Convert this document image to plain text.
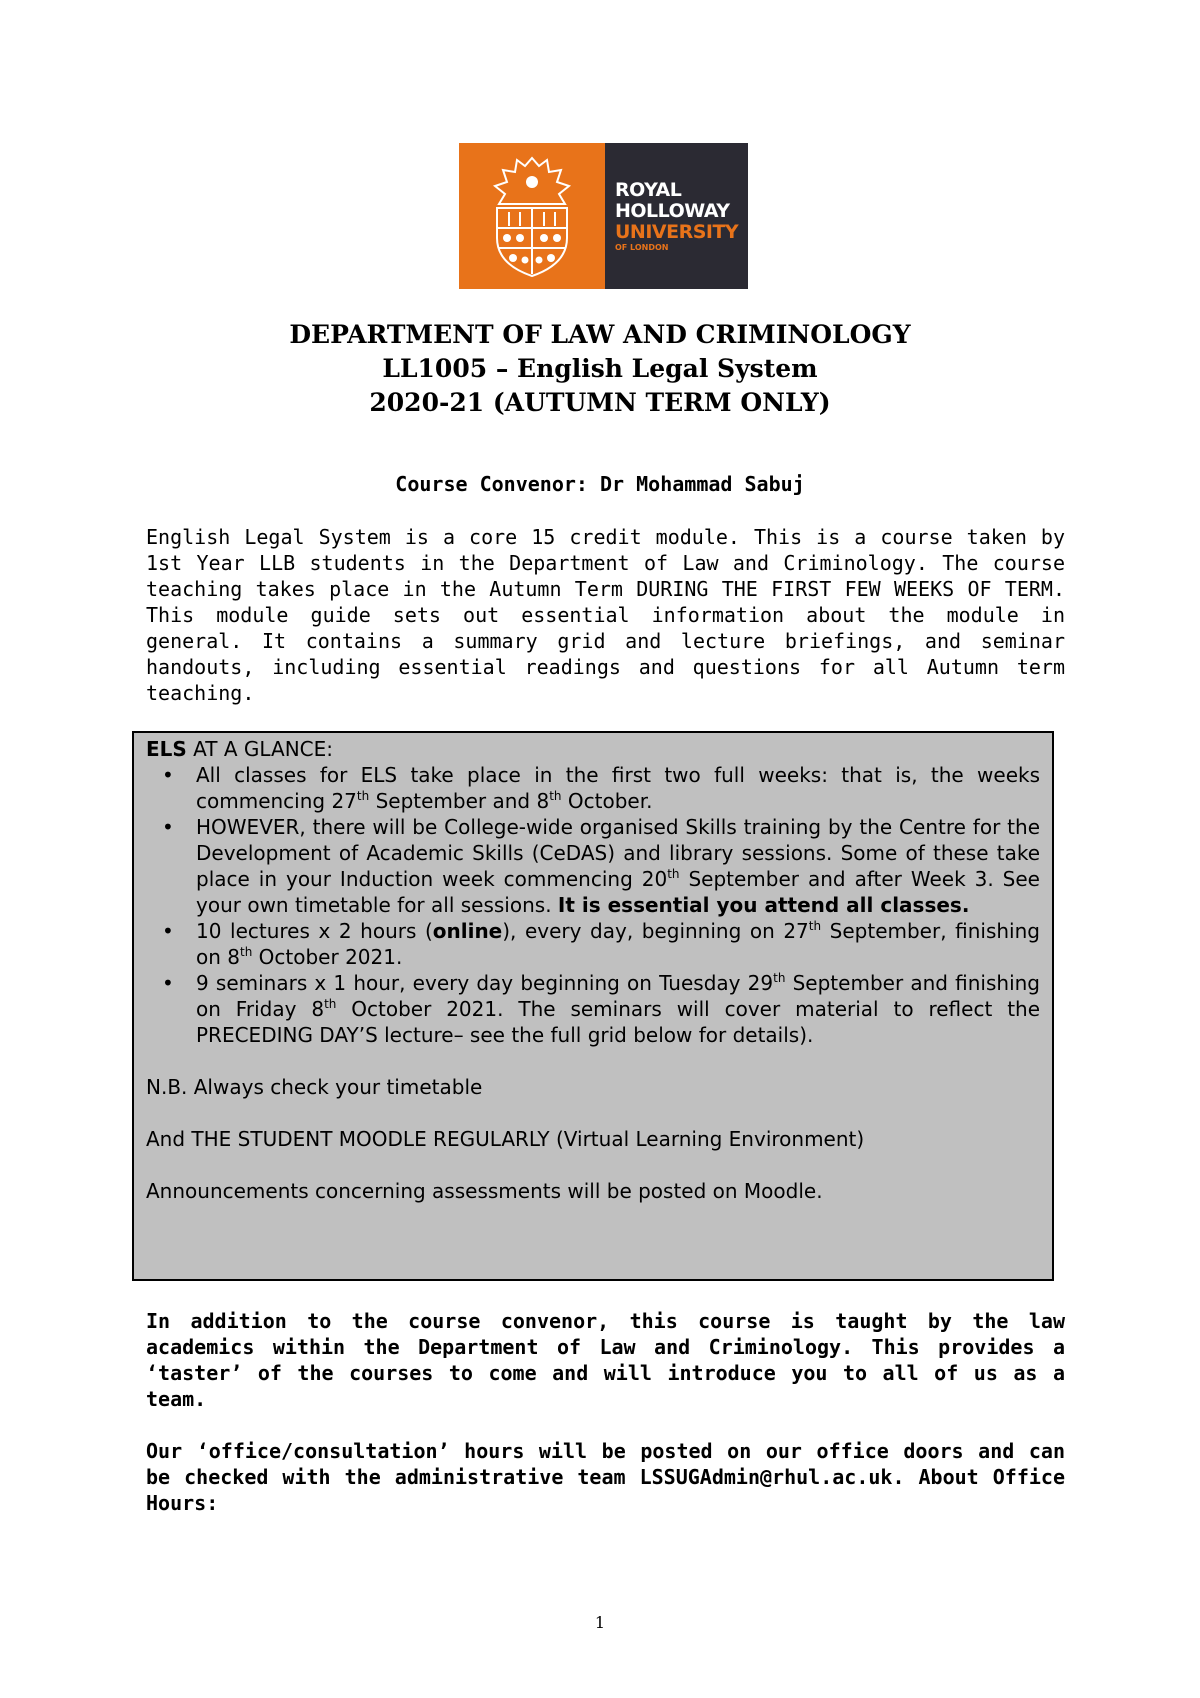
ROYAL
HOLLOWAY
UNIVERSITY
OF LONDON
DEPARTMENT OF LAW AND CRIMINOLOGY
LL1005 – English Legal System
2020-21 (AUTUMN TERM ONLY)
Course Convenor: Dr Mohammad Sabuj

English Legal System is a core 15 credit module. This is a course taken by 1st Year LLB students in the Department of Law and Criminology. The course teaching takes place in the Autumn Term DURING THE FIRST FEW WEEKS OF TERM. This module guide sets out essential information about the module in general. It contains a summary grid and lecture briefings, and seminar handouts, including essential readings and questions for all Autumn term teaching.

ELS AT A GLANCE:
• All classes for ELS take place in the first two full weeks: that is, the weeks commencing 27th September and 8th October.
• HOWEVER, there will be College-wide organised Skills training by the Centre for the Development of Academic Skills (CeDAS) and library sessions. Some of these take place in your Induction week commencing 20th September and after Week 3. See your own timetable for all sessions. It is essential you attend all classes.
• 10 lectures x 2 hours (online), every day, beginning on 27th September, finishing on 8th October 2021.
• 9 seminars x 1 hour, every day beginning on Tuesday 29th September and finishing on Friday 8th October 2021. The seminars will cover material to reflect the PRECEDING DAY’S lecture– see the full grid below for details).

N.B. Always check your timetable

And THE STUDENT MOODLE REGULARLY (Virtual Learning Environment)

Announcements concerning assessments will be posted on Moodle.

In addition to the course convenor, this course is taught by the law academics within the Department of Law and Criminology. This provides a ‘taster’ of the courses to come and will introduce you to all of us as a team.

Our ‘office/consultation’ hours will be posted on our office doors and can be checked with the administrative team LSSUGAdmin@rhul.ac.uk. About Office Hours:

1
